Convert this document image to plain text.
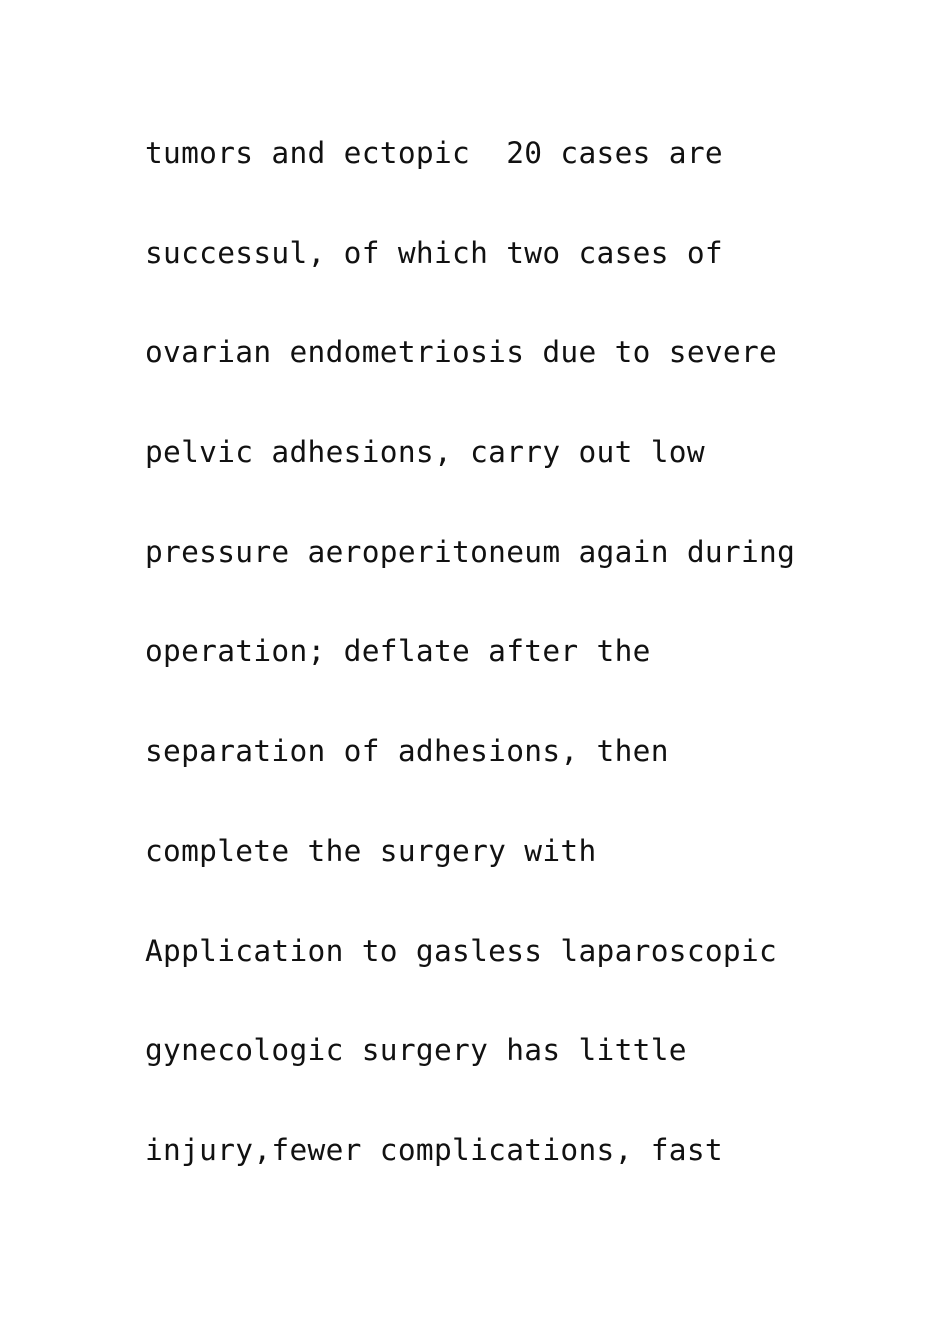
tumors and ectopic  20 cases are
successul, of which two cases of
ovarian endometriosis due to severe
pelvic adhesions, carry out low
pressure aeroperitoneum again during
operation; deflate after the
separation of adhesions, then
complete the surgery with
Application to gasless laparoscopic
gynecologic surgery has little
injury,fewer complications, fast
